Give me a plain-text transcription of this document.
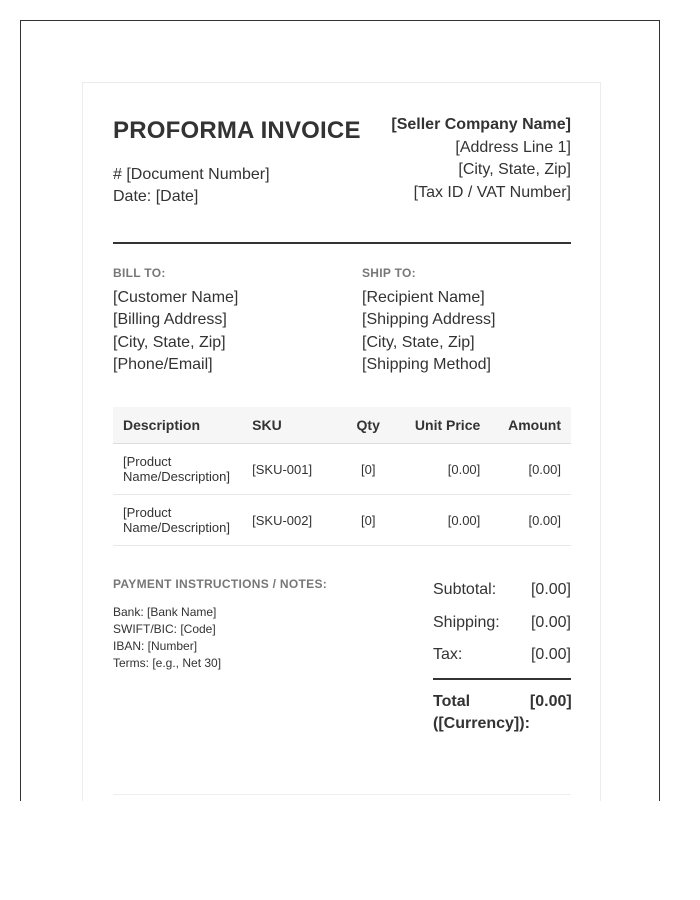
PROFORMA INVOICE
# [Document Number]
Date: [Date]
[Seller Company Name]
[Address Line 1]
[City, State, Zip]
[Tax ID / VAT Number]
BILL TO:
[Customer Name]
[Billing Address]
[City, State, Zip]
[Phone/Email]
SHIP TO:
[Recipient Name]
[Shipping Address]
[City, State, Zip]
[Shipping Method]
Description	SKU	Qty	Unit Price	Amount
[Product Name/Description]	[SKU-001]	[0]	[0.00]	[0.00]
[Product Name/Description]	[SKU-002]	[0]	[0.00]	[0.00]
PAYMENT INSTRUCTIONS / NOTES:
Bank: [Bank Name]
SWIFT/BIC: [Code]
IBAN: [Number]
Terms: [e.g., Net 30]
Subtotal: [0.00]
Shipping: [0.00]
Tax:	[0.00]
Total ([Currency]):
[0.00]
